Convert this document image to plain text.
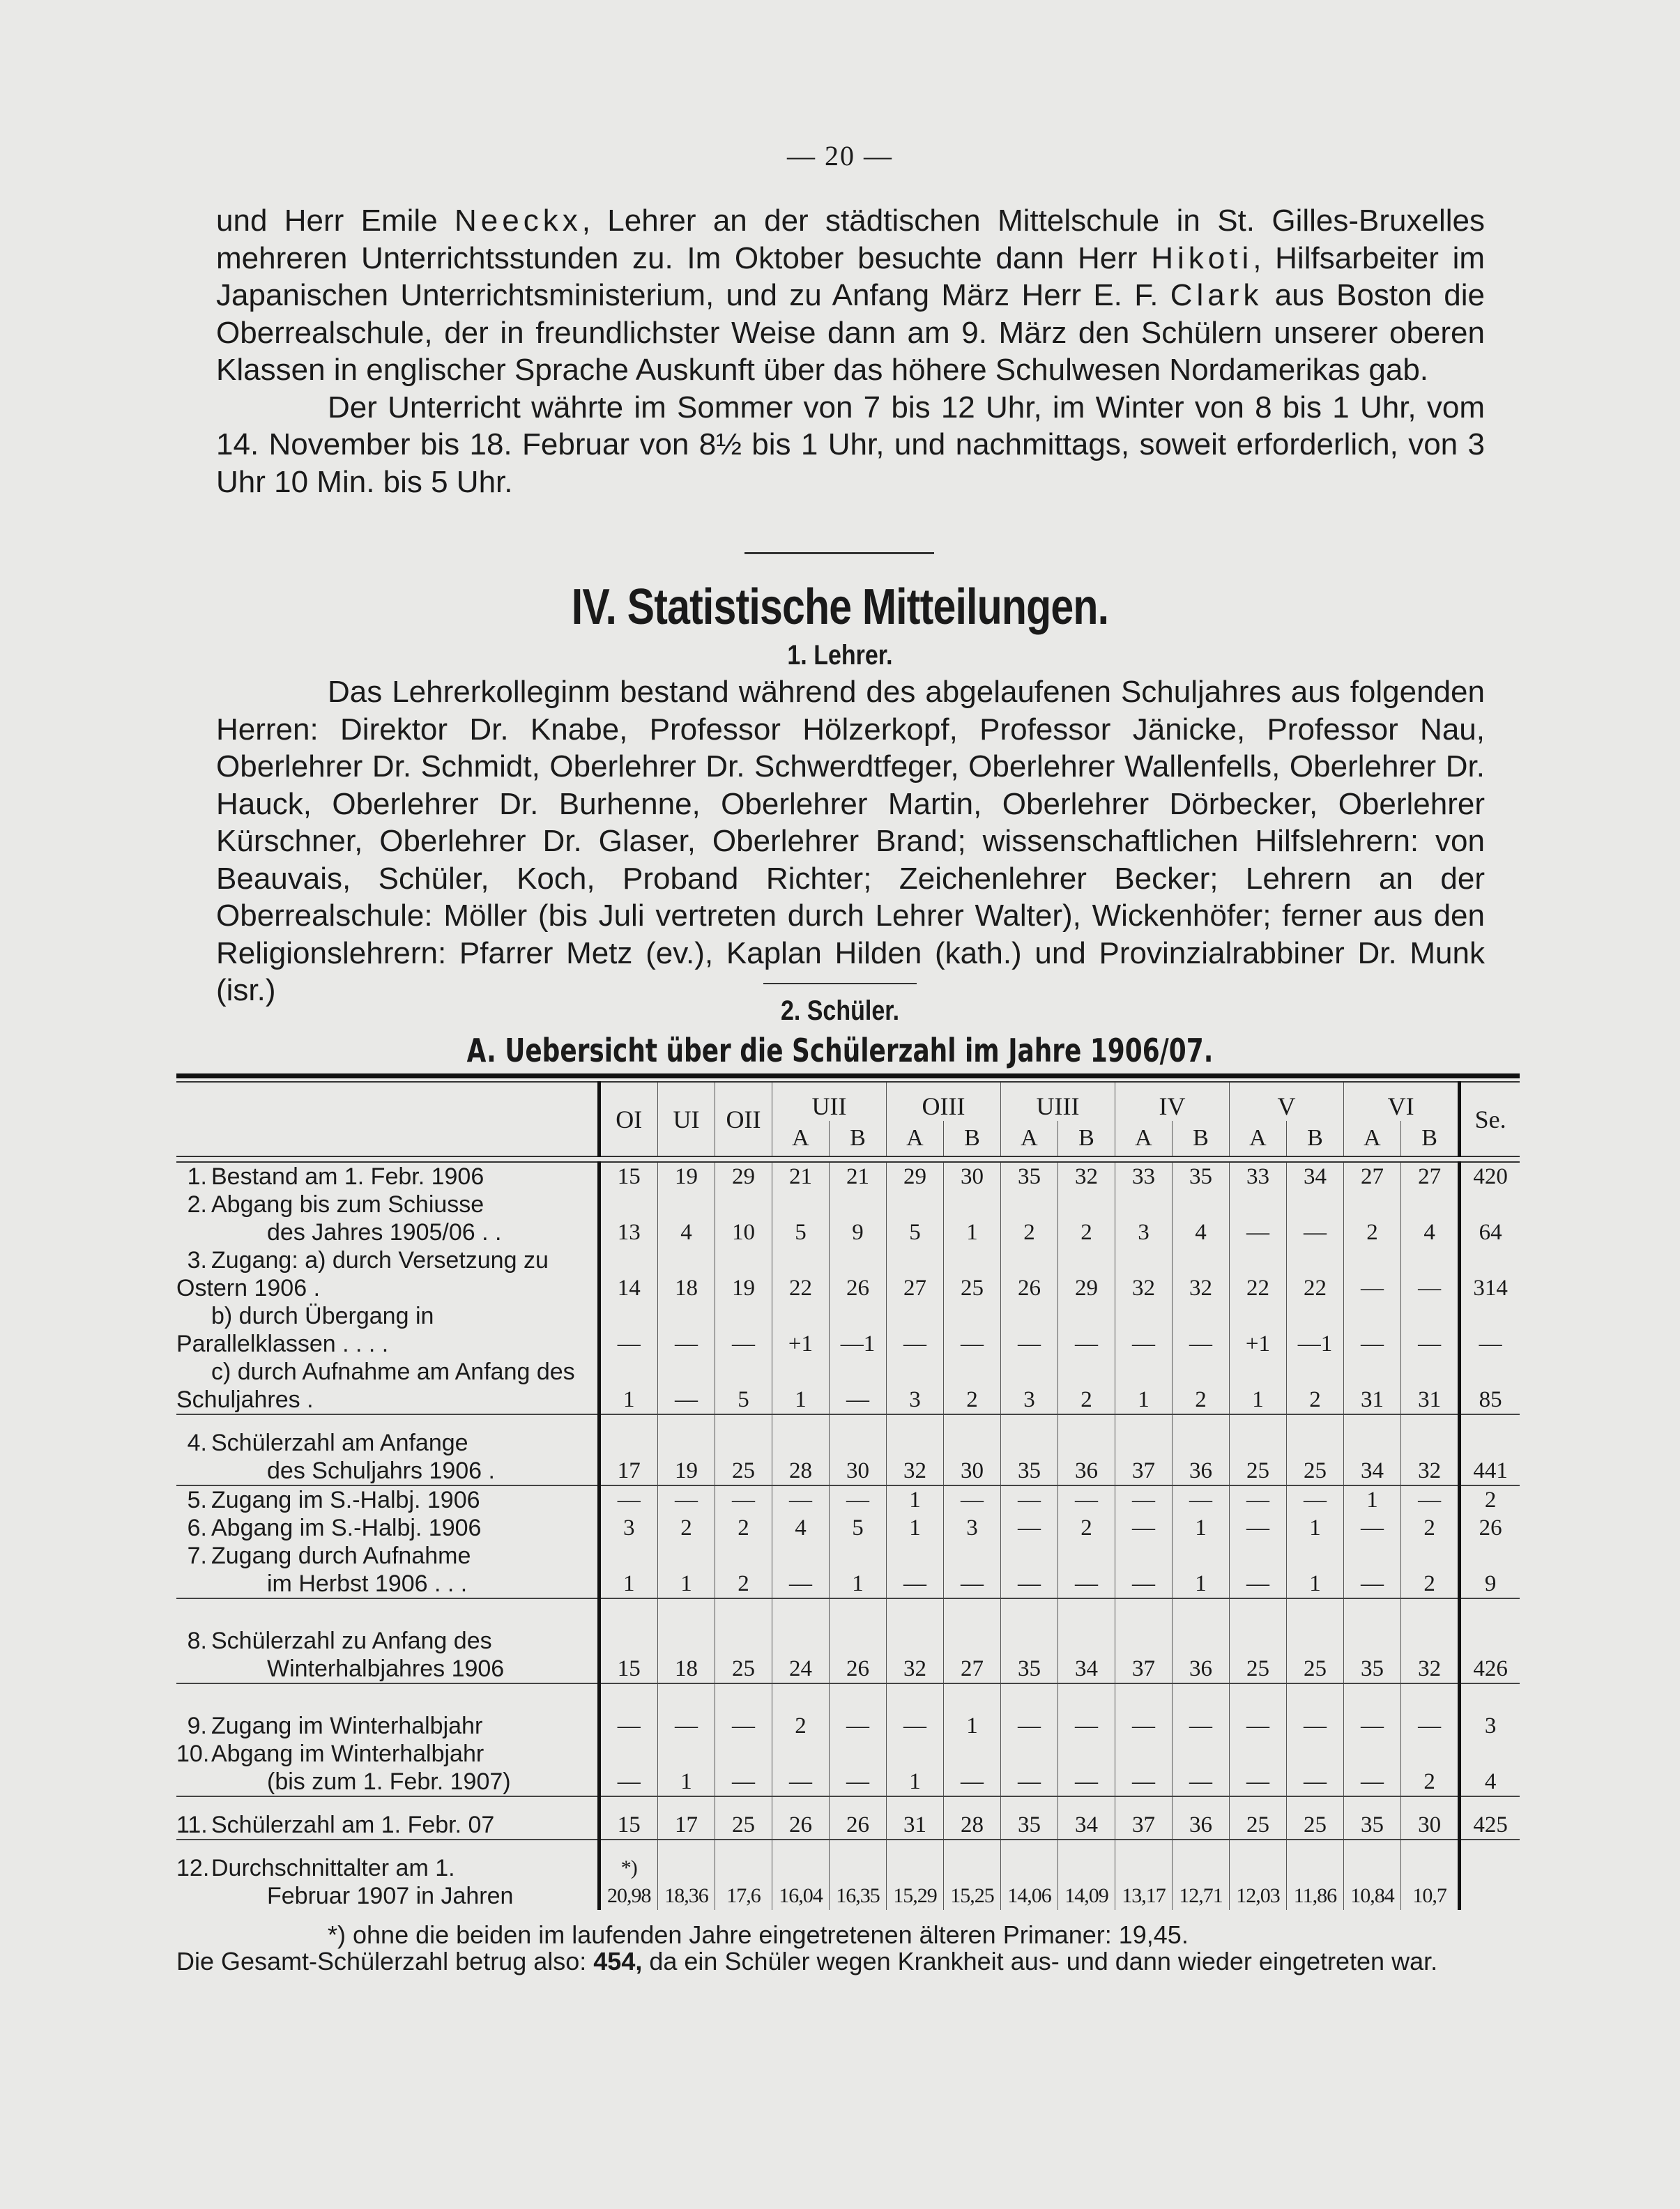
— 20 —

und Herr Emile Neeckx, Lehrer an der städtischen Mittelschule in St. Gilles-Bruxelles mehreren Unterrichtsstunden zu. Im Oktober besuchte dann Herr Hikoti, Hilfsarbeiter im Japanischen Unterrichtsministerium, und zu Anfang März Herr E. F. Clark aus Boston die Oberrealschule, der in freundlichster Weise dann am 9. März den Schülern unserer oberen Klassen in englischer Sprache Auskunft über das höhere Schulwesen Nordamerikas gab.

Der Unterricht währte im Sommer von 7 bis 12 Uhr, im Winter von 8 bis 1 Uhr, vom 14. November bis 18. Februar von 8½ bis 1 Uhr, und nachmittags, soweit erforderlich, von 3 Uhr 10 Min. bis 5 Uhr.

IV. Statistische Mitteilungen.
1. Lehrer.

Das Lehrerkolleginm bestand während des abgelaufenen Schuljahres aus folgenden Herren: Direktor Dr. Knabe, Professor Hölzerkopf, Professor Jänicke, Professor Nau, Oberlehrer Dr. Schmidt, Oberlehrer Dr. Schwerdtfeger, Oberlehrer Wallenfells, Oberlehrer Dr. Hauck, Oberlehrer Dr. Burhenne, Oberlehrer Martin, Oberlehrer Dörbecker, Oberlehrer Kürschner, Oberlehrer Dr. Glaser, Oberlehrer Brand; wissenschaftlichen Hilfslehrern: von Beauvais, Schüler, Koch, Proband Richter; Zeichenlehrer Becker; Lehrern an der Oberrealschule: Möller (bis Juli vertreten durch Lehrer Walter), Wickenhöfer; ferner aus den Religionslehrern: Pfarrer Metz (ev.), Kaplan Hilden (kath.) und Provinzialrabbiner Dr. Munk (isr.)

2. Schüler.
A. Uebersicht über die Schülerzahl im Jahre 1906/07.

	OI	UI	OII	UII		OIII		UIII		IV		V		VI		Se.
				A	B	A	B	A	B	A	B	A	B	A	B	

1. Bestand am 1. Febr. 1906	15	19	29	21	21	29	30	35	32	33	35	33	34	27	27	420
2. Abgang bis zum Schiusse
des Jahres 1905/06 . .	13	4	10	5	9	5	1	2	2	3	4	—	—	2	4	64
3. Zugang: a) durch Versetzung zu Ostern 1906 .	14	18	19	22	26	27	25	26	29	32	32	22	22	—	—	314
b) durch Übergang in Parallelklassen . . . .	—	—	—	+1	—1	—	—	—	—	—	—	+1	—1	—	—	—
c) durch Aufnahme am Anfang des Schuljahres .	1	—	5	1	—	3	2	3	2	1	2	1	2	31	31	85
4. Schülerzahl am Anfange
des Schuljahrs 1906 .	17	19	25	28	30	32	30	35	36	37	36	25	25	34	32	441
5. Zugang im S.-Halbj. 1906	—	—	—	—	—	1	—	—	—	—	—	—	—	1	—	2
6. Abgang im S.-Halbj. 1906	3	2	2	4	5	1	3	—	2	—	1	—	1	—	2	26
7. Zugang durch Aufnahme
im Herbst 1906 . . .	1	1	2	—	1	—	—	—	—	—	1	—	1	—	2	9
8. Schülerzahl zu Anfang des
Winterhalbjahres 1906	15	18	25	24	26	32	27	35	34	37	36	25	25	35	32	426
9. Zugang im Winterhalbjahr	—	—	—	2	—	—	1	—	—	—	—	—	—	—	—	3
10.Abgang im Winterhalbjahr
(bis zum 1. Febr. 1907)	—	1	—	—	—	1	—	—	—	—	—	—	—	—	2	4
11. Schülerzahl am 1. Febr. 07	15	17	25	26	26	31	28	35	34	37	36	25	25	35	30	425
12.Durchschnittalter am 1.
Februar 1907 in Jahren	*) 20,98	18,36	17,6	16,04	16,35	15,29	15,25	14,06	14,09	13,17	12,71	12,03	11,86	10,84	10,7	
*) ohne die beiden im laufenden Jahre eingetretenen älteren Primaner: 19,45.
Die Gesamt-Schülerzahl betrug also: 454, da ein Schüler wegen Krankheit aus- und dann wieder eingetreten war.
